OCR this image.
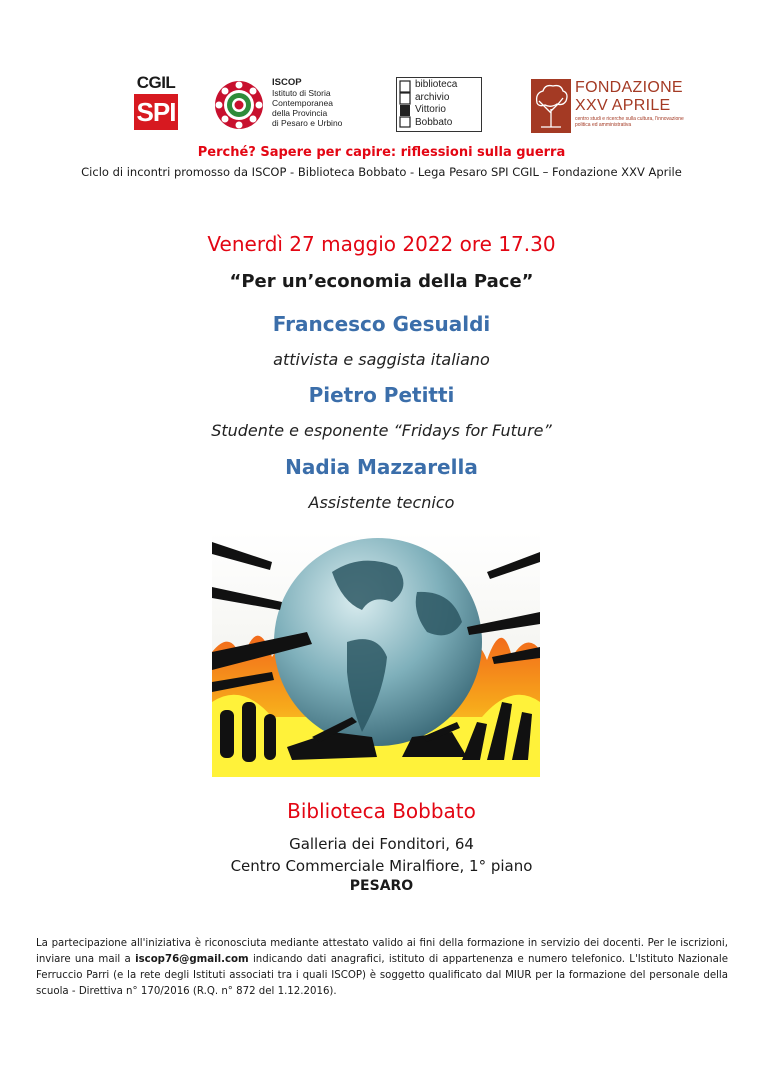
CGIL
SPI
ISCOP
Istituto di Storia
Contemporanea
della Provincia
di Pesaro e Urbino
biblioteca
archivio
Vittorio
Bobbato
FONDAZIONE
XXV APRILE
centro studi e ricerche sulla cultura, l'innovazione politica ed amministrativa
Perché? Sapere per capire: riflessioni sulla guerra
Ciclo di incontri promosso da ISCOP - Biblioteca Bobbato - Lega Pesaro SPI CGIL – Fondazione XXV Aprile
Venerdì 27 maggio 2022 ore 17.30
“Per un’economia della Pace”
Francesco Gesualdi
attivista e saggista italiano
Pietro Petitti
Studente e esponente “Fridays for Future”
Nadia Mazzarella
Assistente tecnico
Biblioteca Bobbato
Galleria dei Fonditori, 64
Centro Commerciale Miralfiore, 1° piano
PESARO
La partecipazione all'iniziativa è riconosciuta mediante attestato valido ai fini della formazione in servizio dei docenti. Per le iscrizioni, inviare una mail a iscop76@gmail.com indicando dati anagrafici, istituto di appartenenza e numero telefonico. L'Istituto Nazionale Ferruccio Parri (e la rete degli Istituti associati tra i quali ISCOP) è soggetto qualificato dal MIUR per la formazione del personale della scuola - Direttiva n° 170/2016 (R.Q. n° 872 del 1.12.2016).
